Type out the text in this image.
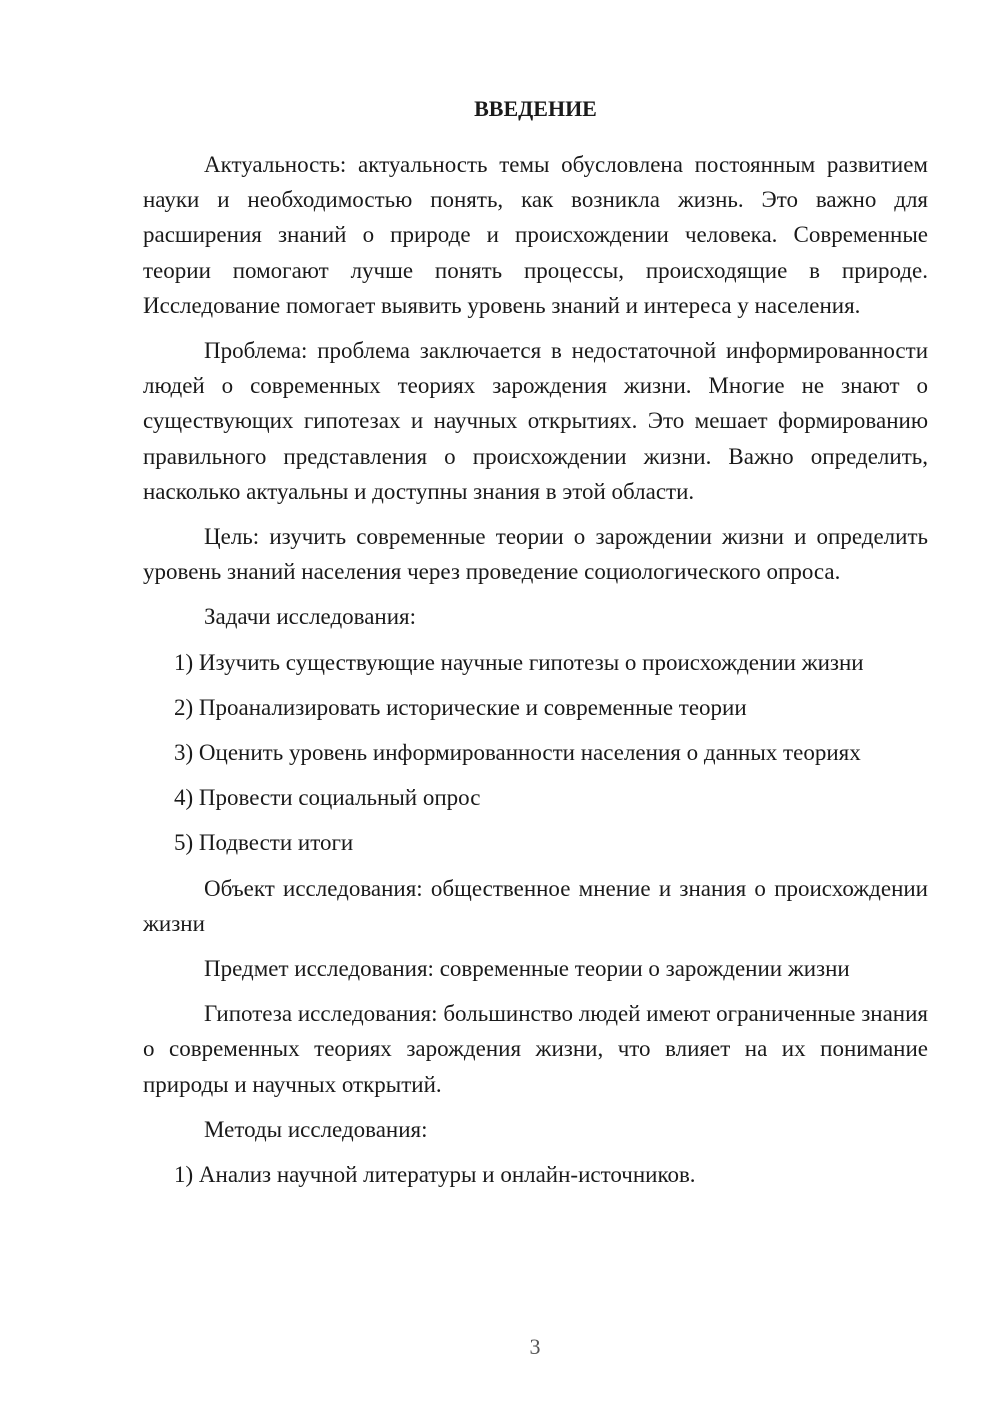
ВВЕДЕНИЕ

Актуальность: актуальность темы обусловлена постоянным развитием науки и необходимостью понять, как возникла жизнь. Это важно для расширения знаний о природе и происхождении человека. Современные теории помогают лучше понять процессы, происходящие в природе. Исследование помогает выявить уровень знаний и интереса у населения.

Проблема: проблема заключается в недостаточной информированности людей о современных теориях зарождения жизни. Многие не знают о существующих гипотезах и научных открытиях. Это мешает формированию правильного представления о происхождении жизни. Важно определить, насколько актуальны и доступны знания в этой области.

Цель: изучить современные теории о зарождении жизни и определить уровень знаний населения через проведение социологического опроса.

Задачи исследования:

1) Изучить существующие научные гипотезы о происхождении жизни

2) Проанализировать исторические и современные теории

3) Оценить уровень информированности населения о данных теориях

4) Провести социальный опрос

5) Подвести итоги

Объект исследования: общественное мнение и знания о происхождении жизни

Предмет исследования: современные теории о зарождении жизни

Гипотеза исследования: большинство людей имеют ограниченные знания о современных теориях зарождения жизни, что влияет на их понимание природы и научных открытий.

Методы исследования:

1) Анализ научной литературы и онлайн-источников.

3
